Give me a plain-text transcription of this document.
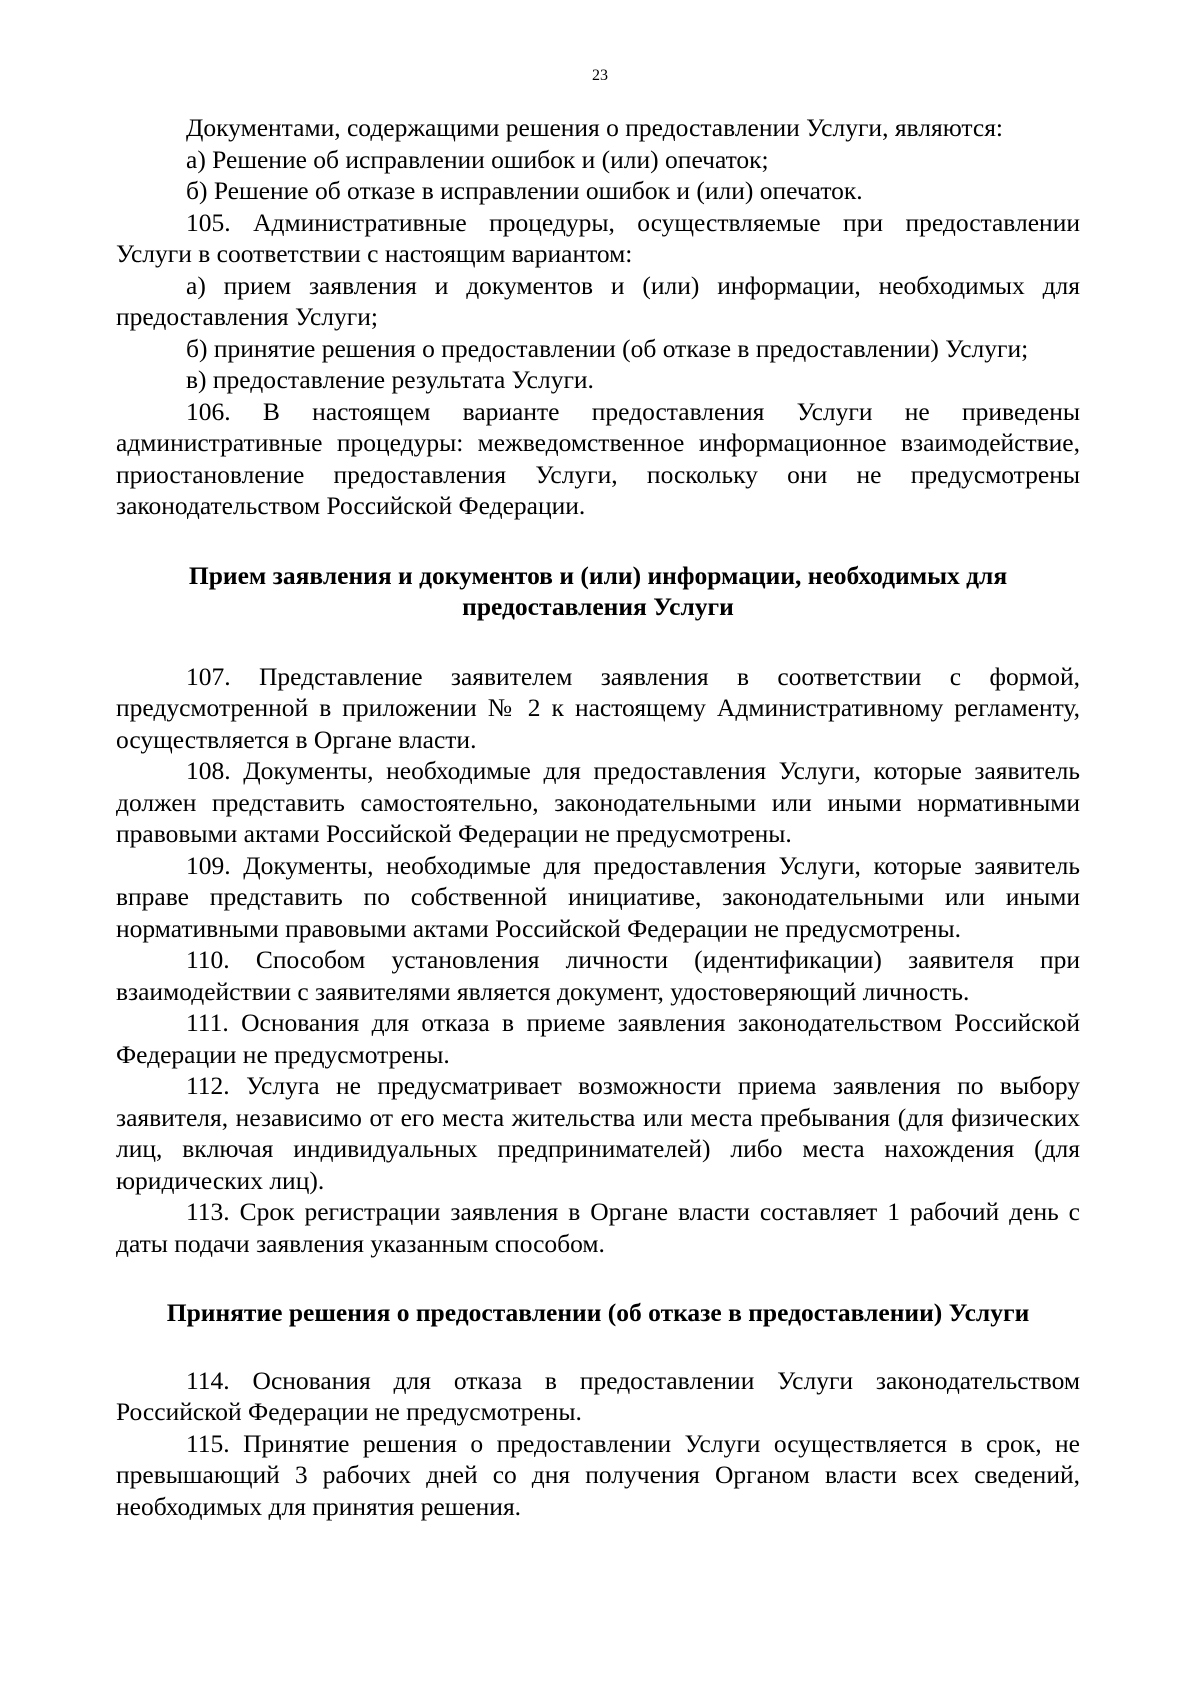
23

Документами, содержащими решения о предоставлении Услуги, являются:

а) Решение об исправлении ошибок и (или) опечаток;

б) Решение об отказе в исправлении ошибок и (или) опечаток.

105. Административные процедуры, осуществляемые при предоставлении Услуги в соответствии с настоящим вариантом:

а) прием заявления и документов и (или) информации, необходимых для предоставления Услуги;

б) принятие решения о предоставлении (об отказе в предоставлении) Услуги;

в) предоставление результата Услуги.

106. В настоящем варианте предоставления Услуги не приведены административные процедуры: межведомственное информационное взаимодействие, приостановление предоставления Услуги, поскольку они не предусмотрены законодательством Российской Федерации.

Прием заявления и документов и (или) информации, необходимых для предоставления Услуги

107. Представление заявителем заявления в соответствии с формой, предусмотренной в приложении № 2 к настоящему Административному регламенту, осуществляется в Органе власти.

108. Документы, необходимые для предоставления Услуги, которые заявитель должен представить самостоятельно, законодательными или иными нормативными правовыми актами Российской Федерации не предусмотрены.

109. Документы, необходимые для предоставления Услуги, которые заявитель вправе представить по собственной инициативе, законодательными или иными нормативными правовыми актами Российской Федерации не предусмотрены.

110. Способом установления личности (идентификации) заявителя при взаимодействии с заявителями является документ, удостоверяющий личность.

111. Основания для отказа в приеме заявления законодательством Российской Федерации не предусмотрены.

112. Услуга не предусматривает возможности приема заявления по выбору заявителя, независимо от его места жительства или места пребывания (для физических лиц, включая индивидуальных предпринимателей) либо места нахождения (для юридических лиц).

113. Срок регистрации заявления в Органе власти составляет 1 рабочий день с даты подачи заявления указанным способом.

Принятие решения о предоставлении (об отказе в предоставлении) Услуги

114. Основания для отказа в предоставлении Услуги законодательством Российской Федерации не предусмотрены.

115. Принятие решения о предоставлении Услуги осуществляется в срок, не превышающий 3 рабочих дней со дня получения Органом власти всех сведений, необходимых для принятия решения.
